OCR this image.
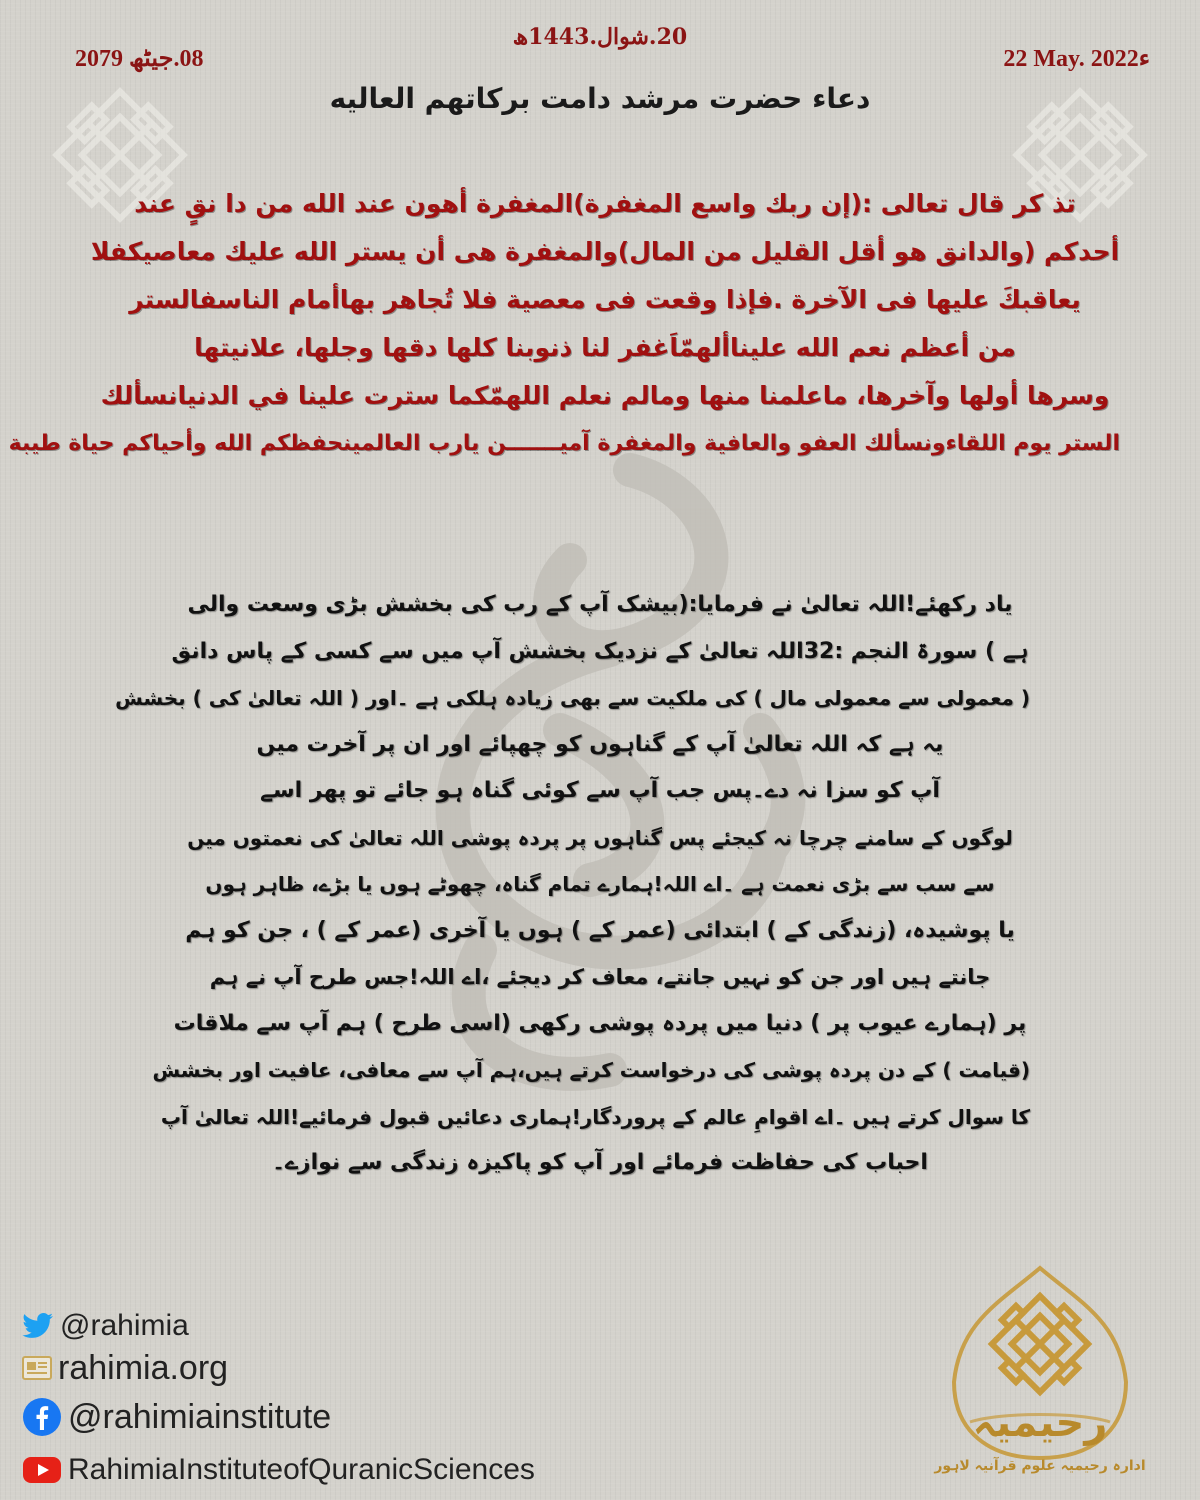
20.شوال.1443ھ
08.جیٹھ 2079	22 May. 2022ء
دعاء حضرت مرشد دامت برکاتهم العالیه
تذ کر قال تعالی :(إن ربك واسع المغفرة)المغفرة أهون عند الله من دا نقٍ عند
أحدكم (والدانق هو أقل القليل من المال)والمغفرة هى أن يستر الله عليك معاصيكفلا
يعاقبكَ عليها فى الآخرة .فإذا وقعت فى معصية فلا تُجاهر بهاأمام الناسفالستر
من أعظم نعم الله عليناألهمّاَغفر لنا ذنوبنا كلها دقها وجلها، علانيتها
وسرها أولها وآخرها، ماعلمنا منها ومالم نعلم اللهمّكما سترت علينا في الدنيانسألك
الستر يوم اللقاءونسألك العفو والعافية والمغفرة آميـــــــن يارب العالمينحفظكم الله وأحياكم حياة طيبة
یاد رکھئے!اللہ تعالیٰ نے فرمایا:(بیشک آپ کے رب کی بخشش بڑی وسعت والی
ہے ) سورۃ النجم :32اللہ تعالیٰ کے نزدیک بخشش آپ میں سے کسی کے پاس دانق
( معمولی سے معمولی مال ) کی ملکیت سے بھی زیادہ ہلکی ہے ۔اور ( اللہ تعالیٰ کی ) بخشش
یہ ہے کہ اللہ تعالیٰ آپ کے گناہوں کو چھپائے اور ان پر آخرت میں
آپ کو سزا نہ دے۔پس جب آپ سے کوئی گناہ ہو جائے تو پھر اسے
لوگوں کے سامنے چرچا نہ کیجئے پس گناہوں پر پردہ پوشی اللہ تعالیٰ کی نعمتوں میں
سے سب سے بڑی نعمت ہے ۔اے اللہ!ہمارے تمام گناہ، چھوٹے ہوں یا بڑے، ظاہر ہوں
یا پوشیدہ، (زندگی کے ) ابتدائی (عمر کے ) ہوں یا آخری (عمر کے ) ، جن کو ہم
جانتے ہیں اور جن کو نہیں جانتے، معاف کر دیجئے ،اے اللہ!جس طرح آپ نے ہم
پر (ہمارے عیوب پر ) دنیا میں پردہ پوشی رکھی (اسی طرح ) ہم آپ سے ملاقات
(قیامت ) کے دن پردہ پوشی کی درخواست کرتے ہیں،ہم آپ سے معافی، عافیت اور بخشش
کا سوال کرتے ہیں ۔اے اقوامِ عالم کے پروردگار!ہماری دعائیں قبول فرمائیے!اللہ تعالیٰ آپ
احباب کی حفاظت فرمائے اور آپ کو پاکیزہ زندگی سے نوازے۔
@rahimia
rahimia.org
@rahimiainstitute
RahimiaInstituteofQuranicSciences
رحیمیہ
ادارہ رحیمیہ علوم قرآنیہ لاہور
